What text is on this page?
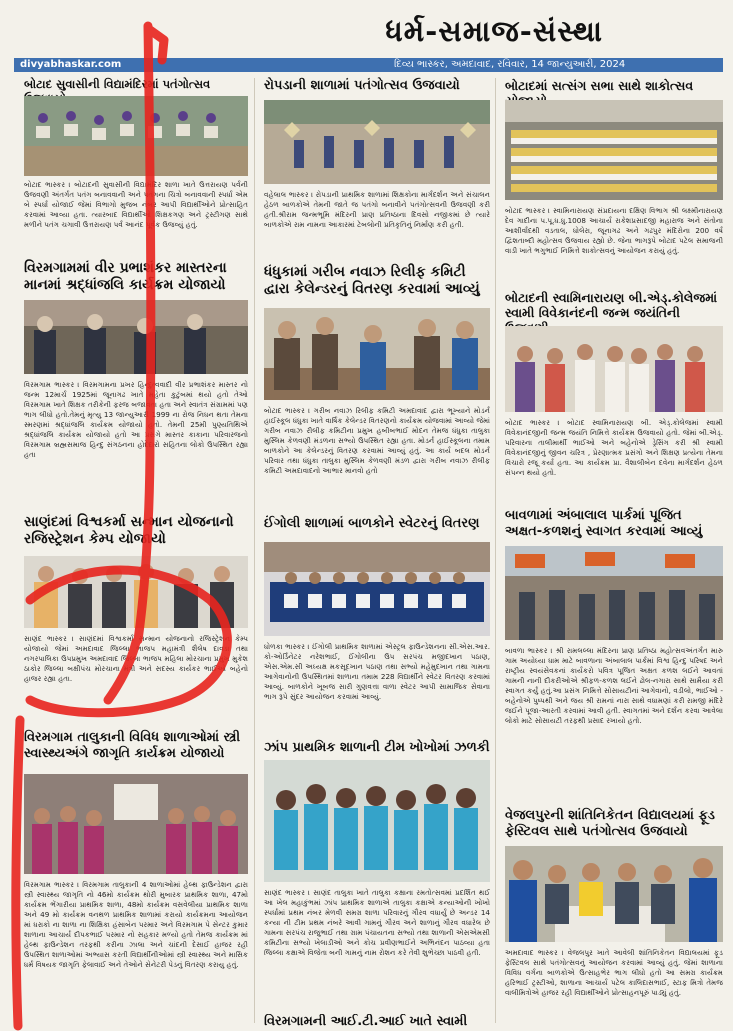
ધર્મ-સમાજ-સંસ્થા
divyabhaskar.com	દિવ્ય ભાસ્કર, અમદાવાદ, રવિવાર, 14 જાન્યુઆરી, 2024
બોટાદ સુવાસીની વિદ્યામંદિરમાં પતંગોત્સવ
બોટાદ ભાસ્કર । બોટાદની સુવાસીની વિદ્યામંદિર શાળા ખાતે ઉત્તરાયણ પર્વની ઉજવણી અંતર્ગત પતંગ બનાવવાની અને પતંગના ચિત્રો બનાવવાની સ્પર્ધા એમ બે સ્પર્ધા યોજાઈ જેમાં વિભાગો મુજબ નંબર આપી વિદ્યાર્થીઓને પ્રોત્સાહિત કરવામાં આવ્યા હતા. ત્યારબાદ વિદ્યાર્થીઓ શિક્ષકગણ અને ટ્રસ્ટીગણ સાથે મળીને પતંગ ચગાવી ઉત્તરાયણ પર્વ આનંદ પૂર્વક ઉજવ્યું હતું.
વિરમગામમાં વીર પ્રભાશંકર માસ્તરના માનમાં શ્રદ્ધાંજલિ કાર્યક્રમ યોજાયો
વિરમગામ ભાસ્કર । વિરમગામના પ્રખર હિન્દુત્વવાદી વીર પ્રભાશંકર માસ્તર નો જન્મ 12માર્ચ 1925માં જૂનાગઢ ખાતે મહેતા કુટુંબમાં થયો હતો તેઓ વિરમગામ ખાતે શિક્ષક તરીકેની ફરજ બજાવતા હતા અને સ્વાતંત્ર સંગ્રામમાં પણ ભાગ લીધો હતો.તેમનું મૃત્યુ 13 જાન્યુઆરી 1999 ના રોજ નિધન થતા તેમના સ્મરણમાં શ્રદ્ધાંજલિ કાર્યક્રમ યોજાયો હતો. તેમની 25મી પુણ્યતિથિએ શ્રદ્ધાંજલિ કાર્યક્રમ યોજાયો હતો આ પ્રસંગે માસ્તર કાકાના પરિવારજનો વિરમગામ બ્રહ્મસમાજ હિન્દુ સંગઠનના હોદેદારો સહિતના લોકો ઉપસ્થિત રહ્યા હતા
સાણંદમાં વિશ્વકર્મા સન્માન યોજનાનો રજિસ્ટ્રેશન કેમ્પ યોજાયો
સાણંદ ભાસ્કર । સાણંદમાં વિશ્વકર્મા સન્માન યોજનાનો રજિસ્ટ્રેશન કેમ્પ યોજાયો જેમાં અમદાવાદ જિલ્લા ભાજપ મહામંત્રી શૈલેષ દાવડા તથા નગરપાલિકા ઉપપ્રમુખ અમદાવાદ જિલ્લા ભાજપ મહિલા મોરચાના પ્રમુખ મુકેશ ઠાકોર જિલ્લા બક્ષીપંચ મોરચાના મંત્રી અને સદસ્ય કાર્યકર ભાઈઓ બહેનો હાજર રહ્યા હતા.
વિરમગામ તાલુકાની વિવિધ શાળાઓમાં સ્ત્રી સ્વાસ્થ્યઅંગે જાગૃતિ કાર્યક્રમ યોજાયો
વિરમગામ ભાસ્કર । વિરમગામ તાલુકાની 4 શાળાઓમાં હેલ્થ ફાઉન્ડેશન દ્વારા સ્ત્રી સ્વાસ્થ્ય જાગૃતિ નો 46મો કાર્યક્રમ થોરી મુબારક પ્રાથમિક શાળા, 47મો કાર્યક્રમ ભેંગારીયા પ્રાથમિક શાળા, 48મો કાર્યક્રમ વસવેલીયા પ્રાથમિક શાળા અને 49 મો કાર્યક્રમ વનથળ પ્રાથમિક શાળામાં કરાયો કાર્યક્રમના આયોજન માં ધરાકો ના શાળા ના શિક્ષિકા હંસાબેન પરમાર અને વિરમગામ પે સેન્ટર કુમાર શાળાના આચાર્ય દીપકભાઈ પરમાર નો સહકાર મળ્યો હતો તેમજ કાર્યક્રમ માં હેલ્થ ફાઉન્ડેશન તરફથી કરીના ઝાલા અને ચાંદની દેસાઈ હાજર રહી ઉપસ્થિત શાળાઓમાં અભ્યાસ કરતી વિદ્યાર્થીનીઓમાં સ્ત્રી સ્વાસ્થ્ય અને માસિક ધર્મ વિષયક જાગૃતિ ફેલાવાઈ અને તેઓને સેનેટરી પેડનું વિતરણ કરાયુ હતું.
રોપડાની શાળામાં પતંગોત્સવ ઉજવાયો
વહેલાલ ભાસ્કર । રોપડાની પ્રાથમિક શાળામાં શિક્ષકોના માર્ગદર્શન અને સંચાલન હેઠળ બાળકોએ તેમની જાતે જ પતંગો બનાવીને પતંગોત્સવની ઉજવણી કરી હતી.શ્રીરામ જન્મભૂમિ મંદિરની પ્રાણ પ્રતિષ્ઠાના દિવસો નજીકમાં છે ત્યારે બાળકોએ રામ નામના આકારમાં ટેબલોની પ્રતિકૃતિનું નિર્માણ કરી હતી.
ધંધુકામાં ગરીબ નવાઝ રિલીફ કમિટી દ્વારા કેલેન્ડરનું વિતરણ કરવામાં આવ્યું
બોટાદ ભાસ્કર । ગરીબ નવાઝ રિલીફ કમિટી અમદાવાદ દ્વારા ભૂખ્યાને મોડર્ન હાઈસ્કૂલ ધંધુકા ખાતે વાર્ષિક કેલેન્ડર વિતરણનો કાર્યક્રમ યોજવામાં આવ્યો જેમાં ગરીબ નવાઝ રીલીફ કમિટીના પ્રમુખ હબીબભાઈ મોદન તેમજ ધંધુકા તાલુકા મુસ્લિમ કેળવણી મંડળના સભ્યો ઉપસ્થિત રહ્યા હતા. મોડર્ન હાઈસ્કૂલના તમામ બાળકોને આ કેલેન્ડરનું વિતરણ કરવામાં આવ્યું હતું. આ કાર્ય બદલ મોડર્ન પરિવાર તથા ધંધુકા તાલુકા મુસ્લિમ કેળવણી મંડળ દ્વારા ગરીબ નવાઝ રીલીફ કમિટી અમદાવાદનો આભાર માનવો હતો
ઈંગોલી શાળામાં બાળકોને સ્વેટરનું વિતરણ
ધોળકા ભાસ્કર । ઈંગોલી પ્રાથમિક શાળામાં એસ્ટ્રલ ફાઉન્ડેશનના સી.એસ.આર. કો-ઓર્ડિનેટર નરેશભાઈ, ઈંગોલીના ઉપ સરપંચ મજીદખાન પઠાણ, એસ.એમ.સી અધ્યક્ષ મકસૂદખાન પઠાણ તથા સભ્યો મહેમુદખાન તથા ગામના આગેવાનોની ઉપસ્થિતમાં શાળાના તમામ 228 વિદ્યાર્થીને સ્વેટર વિતરણ કરવામાં આવ્યું. બાળકોને ખૂબજ સારી ગુણવત્તા વાળા સ્વેટર આપી સામાજિક સેવાના ભાગ રૂપે સુંદર આયોજન કરવામાં આવ્યું.
ઝાંપ પ્રાથમિક શાળાની ટીમ ખોખોમાં ઝળકી
સાણંદ ભાસ્કર । સાણંદ તાલુકા ખાતે તાલુકા કક્ષાના રમતોત્સવમાં પ્રદર્શિત થઈ આ ખેલ મહાકુંભમાં ઝાંપ પ્રાથમિક શાળાએ તાલુકા કક્ષાએ કન્યાઓની ખોખો સ્પર્ધામાં પ્રથમ નંબર મેળવી સમગ્ર શાળા પરિવારનું ગૌરવ વધાર્યું છે અન્ડર 14 કન્યા ની ટીમ પ્રથમ નંબરે આવી ગામનું ગૌરવ અને શાળાનું ગૌરવ વધારેલ છે ગામના સરપંચ રાજુભાઈ તથા ગ્રામ પંચાયતના સભ્યો તથા શાળાની એસએમસી કમિટીના સભ્યો ખેલાડીઓ અને કોચ પ્રવીણભાઈને અભિનંદન પાઠવ્યા હતા જિલ્લા કક્ષાએ વિજેતા બની ગામનું નામ રોશન કરે તેવી શુભેચ્છા પાઠવી હતી.
વિરમગામની આઈ.ટી.આઈ ખાતે સ્વામી
બોટાદમાં સત્સંગ સભા સાથે શાકોત્સવ
બોટાદ ભાસ્કર । સ્વામિનારાયણ સંપ્રદાયના દક્ષિણ વિભાગ શ્રી લક્ષ્મીનારાયણ દેવ ગાદીના પ.પૂ.ધ.ધુ.1008 આચાર્ય રાકેશપ્રસાદજી મહારાજ અને સંતોના આશીર્વાદથી વડતાલ, ધોલેરા, જૂનાગઢ અને ગઢપુર મંદિરોના 200 વર્ષ દ્વિશતાબ્દી મહોત્સવ ઉજવાય રહ્યો છે. જેના ભાગરૂપે બોટાદ પટેલ સમાજની વાડી ખાતે ભગુભાઈ નિમિત્તે શાકોત્સવનું આયોજન કરાયું હતું.
બોટાદની સ્વામિનારાયણ બી.એડ્.કોલેજમાં સ્વામી વિવેકાનંદની જન્મ જયંતિની
બોટાદ ભાસ્કર । બોટાદ સ્વામિનારાયણ બી. એડ્.કોલેજમાં સ્વામી વિવેકાનંદજીની જન્મ જયંતિ નિમિત્તે કાર્યક્રમ ઉજવાયો હતો. જેમાં બી.એડ્. પરિવારના તાલીમાર્થી ભાઈઓ અને બહેનોએ ડ્રેસિંગ કરી શ્રી સ્વામી વિવેકાનંદજીનું જીવન ચરિત્ર , પ્રેરણાત્મક પ્રસંગો અને શિક્ષણ પ્રત્યેના તેમના વિચારો રજૂ કર્યા હતા. આ કાર્યક્રમ પ્રા. વૈશાલીબેન દવેના માર્ગદર્શન હેઠળ સંપન્ન થયો હતો.
બાવળામાં અંબાલાલ પાર્કમાં પૂજિત અક્ષત-કળશનું સ્વાગત કરવામાં આવ્યું
બાવળા ભાસ્કર । શ્રી રામલલ્લા મંદિરના પ્રાણ પ્રતિષ્ઠા મહોત્સવઅંતર્ગત મારુ ગામ અયોધ્યા ધામ માટે બાવળાના અંબાલાલ પાર્કમાં વિશ્વ હિન્દુ પરિષદ અને રાષ્ટ્રીય સ્વયંસેવકનાં કાર્યકરો પવિત્ર પૂજિત અક્ષત કળશ લઈને આવતાં ગામની નાની દીકરીઓએ શ્રીફળ-કળશ લઈને ઢોલ-નગારા સાથે સામૈયા કરી સ્વાગત કર્યું હતું.આ પ્રસંગ નિમિત્તે સોસાયટીનાં આગેવાનો, વડીલો, ભાઈઓ - બહેનોએ પુષ્પથી અને જય શ્રી રામનાં નારા સાથે વધામણાં કરી રામજી મંદિરે જઈને પૂજા-આરતી કરવામાં આવી હતી. સ્વાગતમાં અને દર્શન કરવા આવેલા લોકો માટે સોસાયટી તરફથી પ્રસાદ રખાયો હતો.
વેજલપુરની શાંતિનિકેતન વિદ્યાલયમાં ફૂડ ફેસ્ટિવલ સાથે પતંગોત્સવ ઉજવાયો
અમદાવાદ ભાસ્કર । વેજલપુર ખાતે આવેલી શાંતિનિકેતન વિદ્યાલયમાં ફૂડ ફેસ્ટિવલ સાથે પતંગોત્સવનું આયોજન કરવામાં આવ્યું હતું. જેમાં શાળાના વિવિધ વર્ગના બાળકોએ ઉત્સાહભેર ભાગ લીધો હતો આ સમગ્ર કાર્યક્રમ હરિભાઈ ટ્રસ્ટીઓ, શાળાના આચાર્ય પટેલ કાલિદાસભાઈ, સ્ટાફ મિત્રો તેમજ વાલીમિત્રોએ હાજર રહી વિદ્યાર્થીઓને પ્રોત્સાહનપૂરું પાડ્યું હતું.
